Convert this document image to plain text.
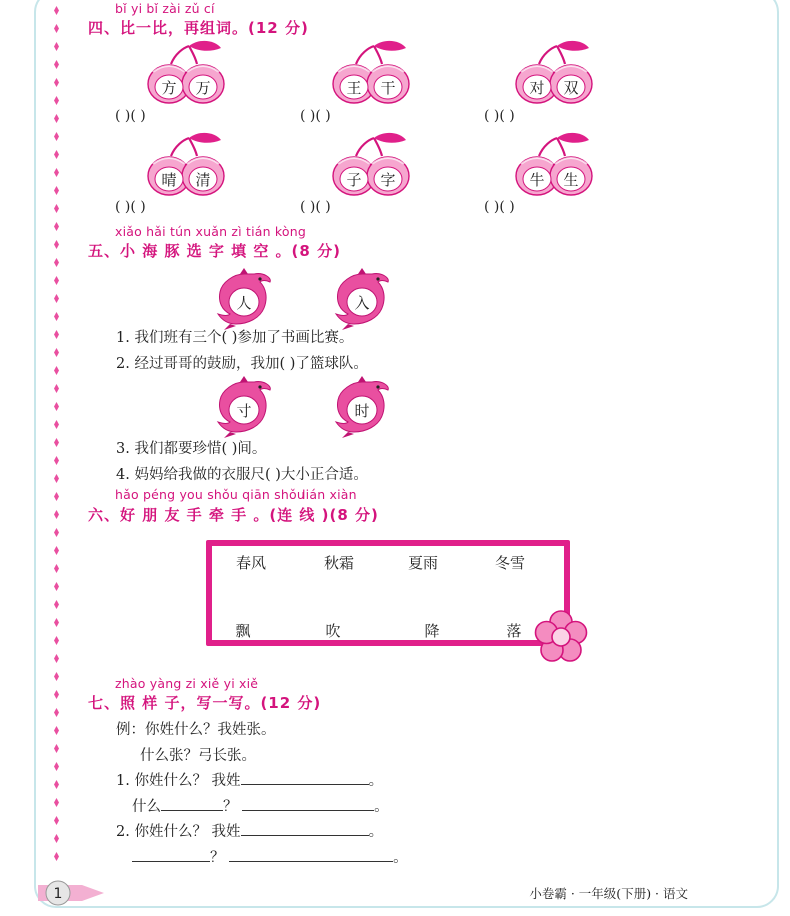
bǐ yi bǐ zài zǔ cí
四、比一比，再组词。(12 分)
方	万	王	干	对	双
晴	清	子	字	牛	生
( )( )	( )( )	( )( )
( )( )	( )( )	( )( )
xiǎo hǎi tún xuǎn zì tián kòng
五、小 海 豚 选 字 填 空 。(8 分)
人	入
寸	时
1. 我们班有三个( )参加了书画比赛。
2. 经过哥哥的鼓励，我加( )了篮球队。
3. 我们都要珍惜( )间。
4. 妈妈给我做的衣服尺( )大小正合适。
hǎo péng you shǒu qiān shǒu
lián xiàn
六、好 朋 友 手 牵 手 。(连 线 )(8 分)
春风	秋霜	夏雨	冬雪
飘	吹	降	落
zhào yàng zi xiě yi xiě
七、照 样 子，写一写。(12 分)
例：你姓什么？我姓张。
什么张？弓长张。
1. 你姓什么？ 我姓	。
什么	？	。
2. 你姓什么？ 我姓	。
？	。
1	小卷霸 · 一年级(下册) · 语文
